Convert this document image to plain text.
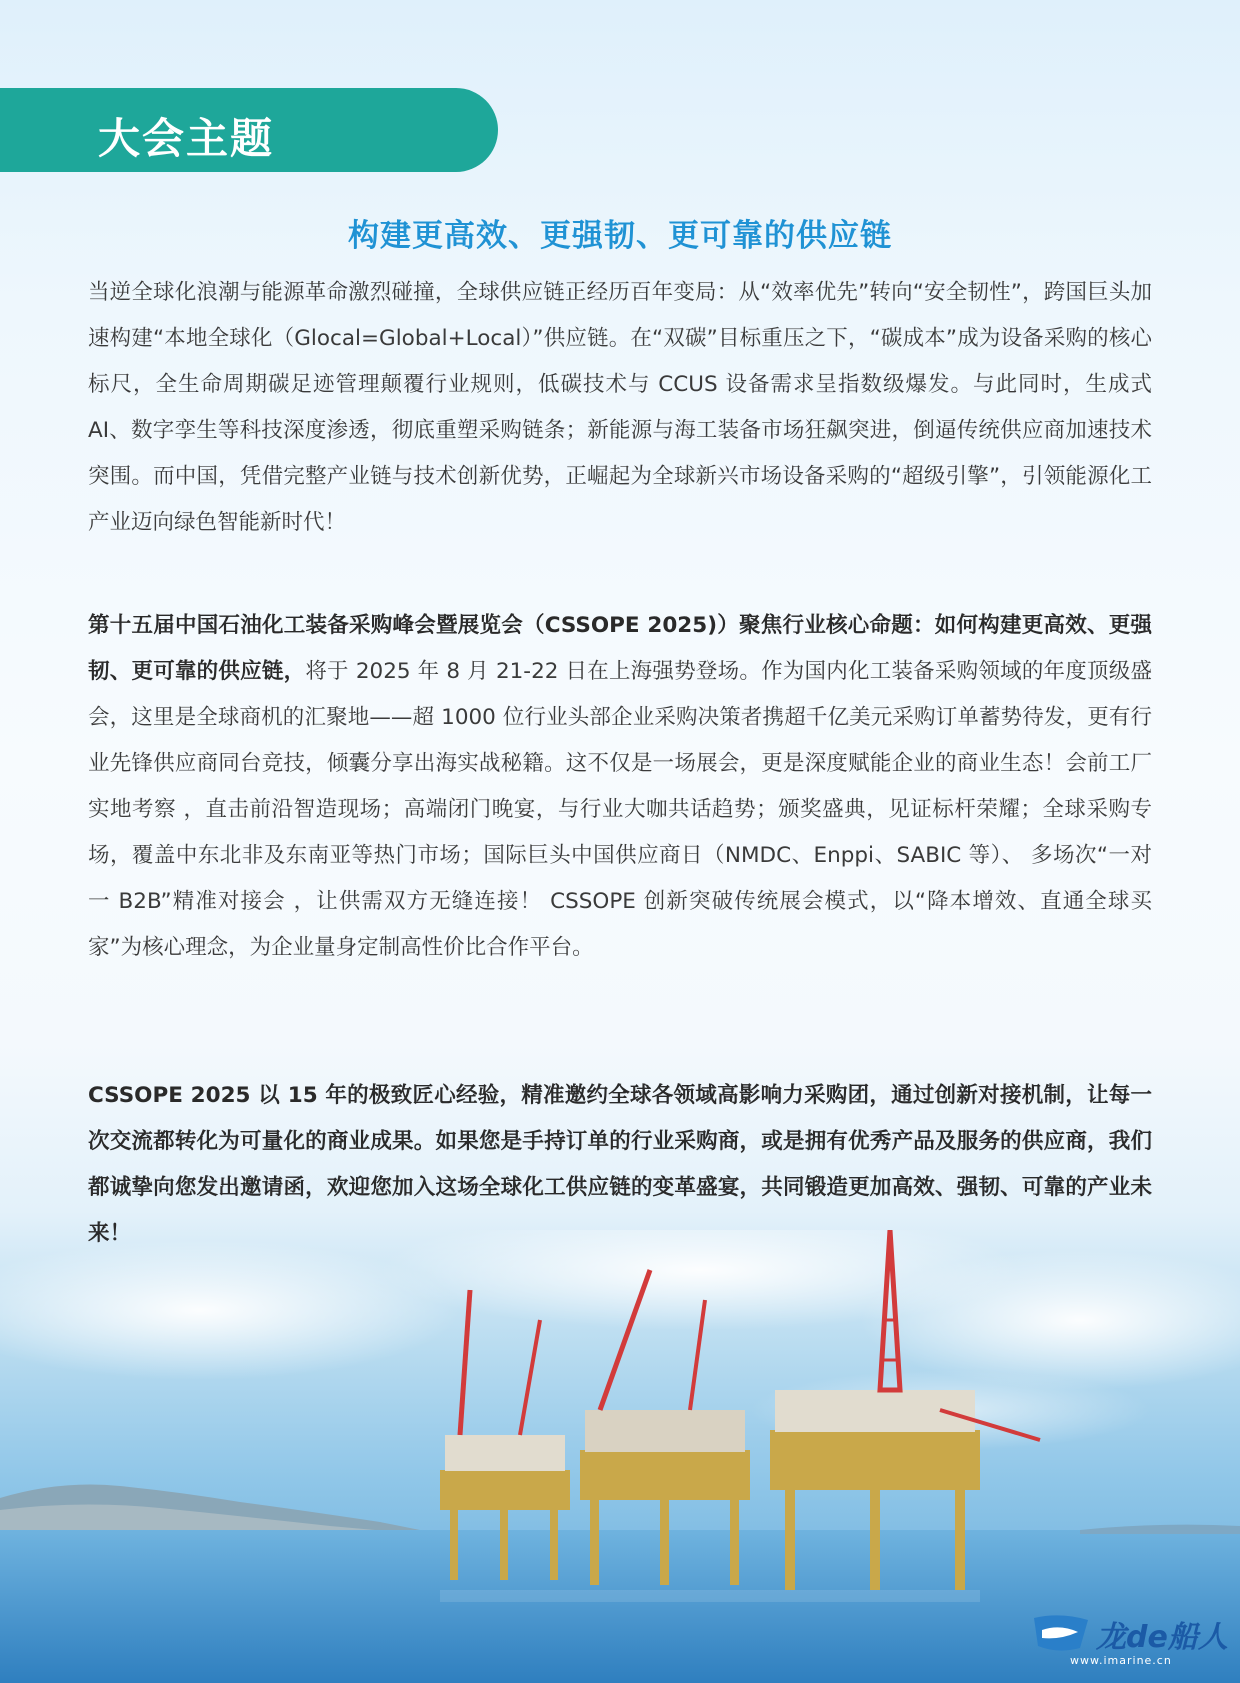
大会主题
构建更高效、更强韧、更可靠的供应链

当逆全球化浪潮与能源革命激烈碰撞，全球供应链正经历百年变局：从“效率优先”转向“安全韧性”，跨国巨头加速构建“本地全球化（Glocal=Global+Local）”供应链。在“双碳”目标重压之下，“碳成本”成为设备采购的核心标尺，全生命周期碳足迹管理颠覆行业规则，低碳技术与 CCUS 设备需求呈指数级爆发。与此同时，生成式 AI、数字孪生等科技深度渗透，彻底重塑采购链条；新能源与海工装备市场狂飙突进，倒逼传统供应商加速技术突围。而中国，凭借完整产业链与技术创新优势，正崛起为全球新兴市场设备采购的“超级引擎”，引领能源化工产业迈向绿色智能新时代！

第十五届中国石油化工装备采购峰会暨展览会（CSSOPE 2025)）聚焦行业核心命题：如何构建更高效、更强韧、更可靠的供应链，将于 2025 年 8 月 21-22 日在上海强势登场。作为国内化工装备采购领域的年度顶级盛会，这里是全球商机的汇聚地——超 1000 位行业头部企业采购决策者携超千亿美元采购订单蓄势待发，更有行业先锋供应商同台竞技，倾囊分享出海实战秘籍。这不仅是一场展会，更是深度赋能企业的商业生态！会前工厂实地考察 ，直击前沿智造现场；高端闭门晚宴，与行业大咖共话趋势；颁奖盛典，见证标杆荣耀；全球采购专场，覆盖中东北非及东南亚等热门市场；国际巨头中国供应商日（NMDC、Enppi、SABIC 等）、 多场次“一对一 B2B”精准对接会 ，让供需双方无缝连接！ CSSOPE 创新突破传统展会模式，以“降本增效、直通全球买家”为核心理念，为企业量身定制高性价比合作平台。

CSSOPE 2025 以 15 年的极致匠心经验，精准邀约全球各领域高影响力采购团，通过创新对接机制，让每一次交流都转化为可量化的商业成果。如果您是手持订单的行业采购商，或是拥有优秀产品及服务的供应商，我们都诚挚向您发出邀请函，欢迎您加入这场全球化工供应链的变革盛宴，共同锻造更加高效、强韧、可靠的产业未来！

龙de船人
www.imarine.cn
